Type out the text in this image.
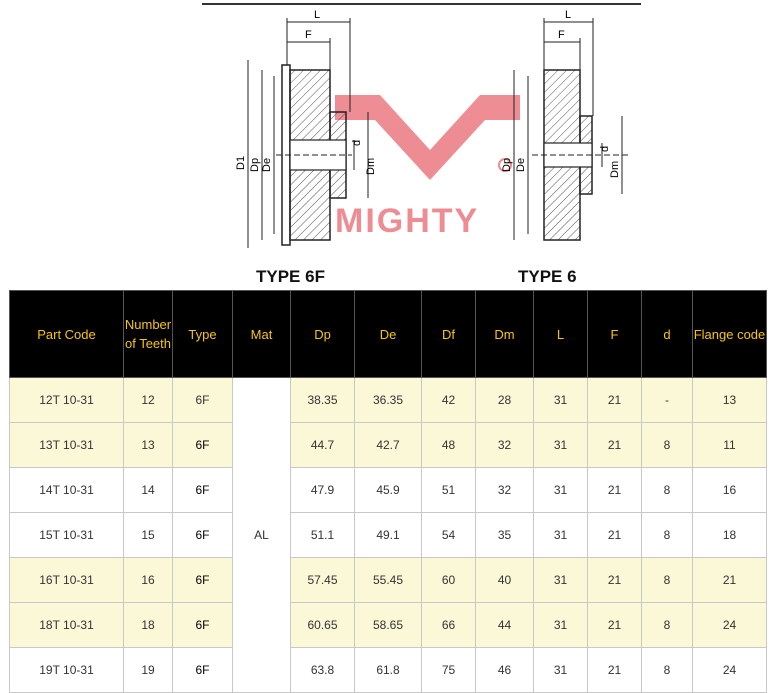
MIGHTY
L
F
D1 Dp De
d
Dm
L
F
Dp De
d
Dm
TYPE 6F	TYPE 6
Part Code	Number of Teeth	Type	Mat	Dp	De	Df	Dm	L	F	d	Flange code
12T 10-31	12	6F	AL	38.35	36.35	42	28	31	21	-	13
13T 10-31	13	6F		44.7	42.7	48	32	31	21	8	11
14T 10-31	14	6F		47.9	45.9	51	32	31	21	8	16
15T 10-31	15	6F		51.1	49.1	54	35	31	21	8	18
16T 10-31	16	6F		57.45	55.45	60	40	31	21	8	21
18T 10-31	18	6F		60.65	58.65	66	44	31	21	8	24
19T 10-31	19	6F		63.8	61.8	75	46	31	21	8	24
